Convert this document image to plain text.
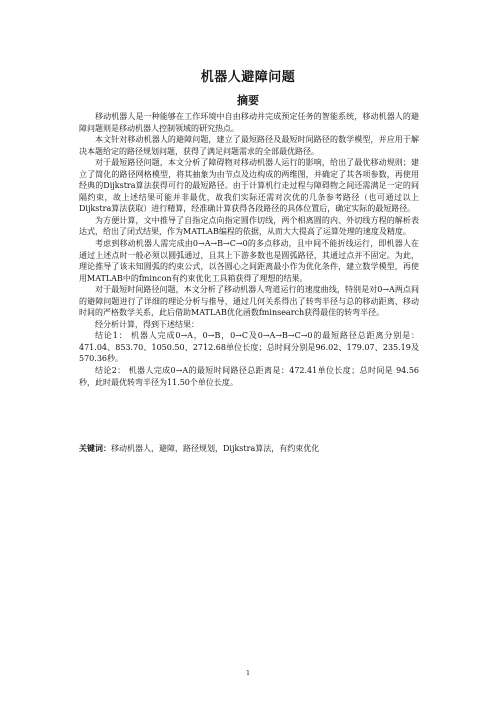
机器人避障问题
摘要

移动机器人是一种能够在工作环境中自由移动并完成预定任务的智能系统，移动机器人的避障问题则是移动机器人控制领域的研究热点。

本文针对移动机器人的避障问题，建立了最短路径及最短时间路径的数学模型，并应用于解决本题给定的路径规划问题，获得了满足问题需求的全部最优路径。

对于最短路径问题，本文分析了障碍物对移动机器人运行的影响，给出了最优移动规则；建立了简化的路径网格模型，将其抽象为由节点及边构成的两维图，并确定了其各项参数，再使用经典的Dijkstra算法获得可行的最短路径。由于计算机行走过程与障碍物之间还需满足一定的间隔约束，故上述结果可能并非最优，故我们实际还需对次优的几条参考路径（也可通过以上Dijkstra算法获取）进行精算，经准确计算获得各段路径的具体位置后，确定实际的最短路径。

为方便计算，文中推导了自指定点向指定圆作切线，两个相离圆的内、外切线方程的解析表达式，给出了闭式结果，作为MATLAB编程的依据，从而大大提高了运算处理的速度及精度。

考虑到移动机器人需完成由0→A→B→C→0的多点移动，且中间不能折线运行，即机器人在通过上述点时一般必须以圆弧通过，且其上下游多数也是圆弧路径，其通过点并不固定。为此，理论推导了该未知圆弧的约束公式，以各圆心之间距离最小作为优化条件，建立数学模型，再使用MATLAB中的fmincon有约束优化工具箱获得了理想的结果。

对于最短时间路径问题，本文分析了移动机器人弯道运行的速度曲线，特别是对0→A两点间的避障问题进行了详细的理论分析与推导，通过几何关系得出了转弯半径与总的移动距离、移动时间的严格数学关系，此后借助MATLAB优化函数fminsearch获得最佳的转弯半径。

经分析计算，得到下述结果：

结论1： 机器人完成0→A，0→B，0→C及0→A→B→C→0的最短路径总距离分别是：471.04、853.70、1050.50、2712.68单位长度；总时间分别是96.02、179.07、235.19及570.36秒。

结论2： 机器人完成0→A的最短时间路径总距离是：472.41单位长度；总时间是 94.56秒，此时最优转弯半径为11.50个单位长度。

关键词：移动机器人，避障，路径规划，Dijkstra算法，有约束优化
1
